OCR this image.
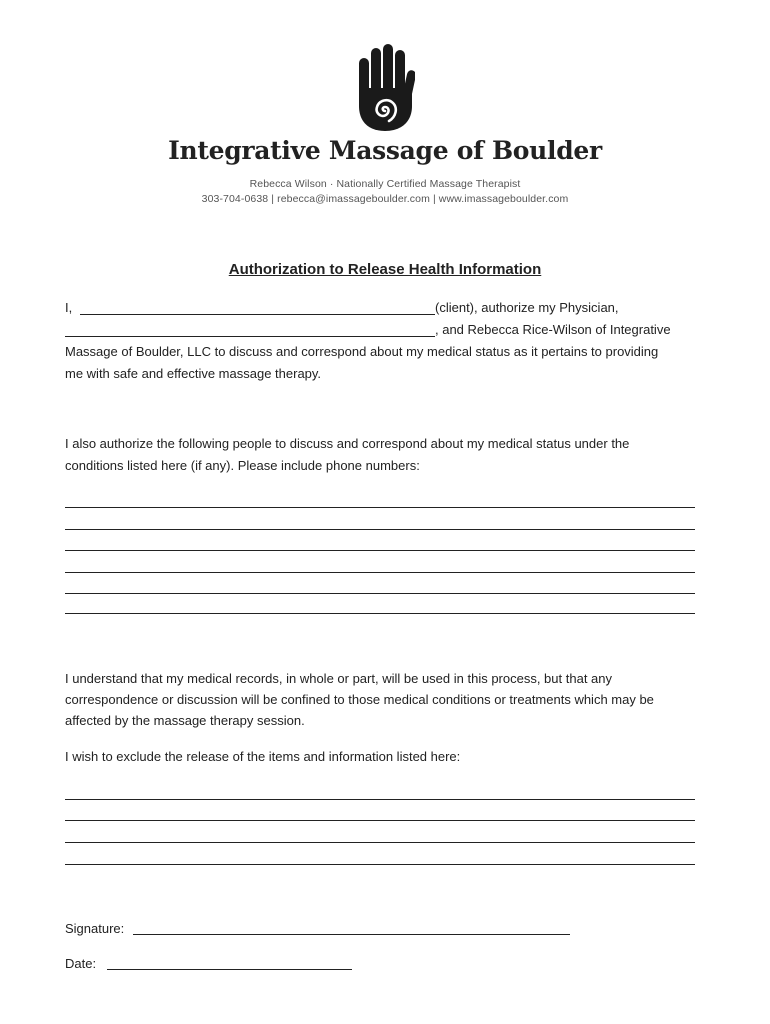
Integrative Massage of Boulder
Rebecca Wilson · Nationally Certified Massage Therapist
303-704-0638 | rebecca@imassageboulder.com | www.imassageboulder.com
Authorization to Release Health Information
I,	(client), authorize my Physician,
, and Rebecca Rice-Wilson of Integrative
Massage of Boulder, LLC to discuss and correspond about my medical status as it pertains to providing
me with safe and effective massage therapy.
I also authorize the following people to discuss and correspond about my medical status under the
conditions listed here (if any). Please include phone numbers:
I understand that my medical records, in whole or part, will be used in this process, but that any
correspondence or discussion will be confined to those medical conditions or treatments which may be
affected by the massage therapy session.
I wish to exclude the release of the items and information listed here:
Signature:
Date:
